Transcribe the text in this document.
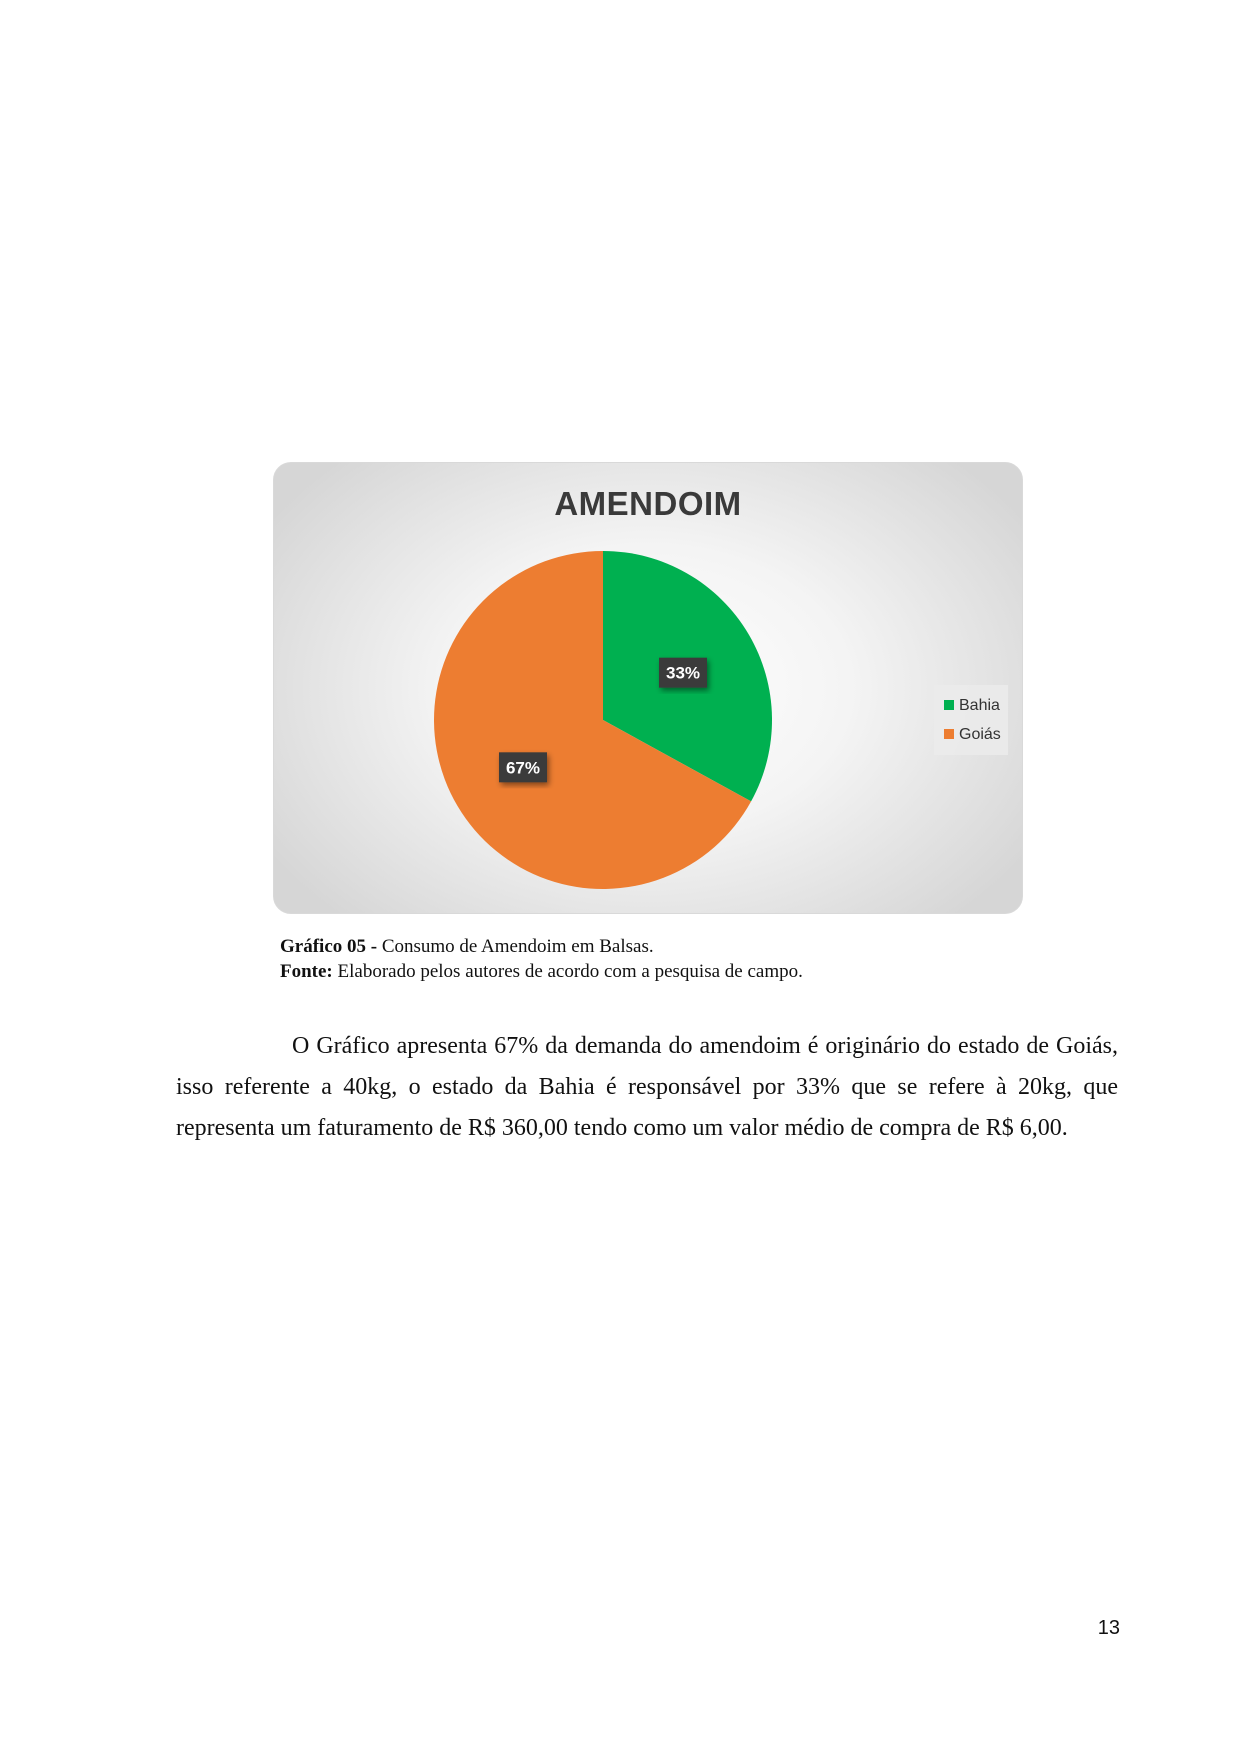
AMENDOIM
33%
67%
Bahia
Goiás
Gráfico 05 - Consumo de Amendoim em Balsas.
Fonte: Elaborado pelos autores de acordo com a pesquisa de campo.
O Gráfico apresenta 67% da demanda do amendoim é originário do estado de Goiás, isso referente a 40kg, o estado da Bahia é responsável por 33% que se refere à 20kg, que representa um faturamento de R$ 360,00 tendo como um valor médio de compra de R$ 6,00.
13
